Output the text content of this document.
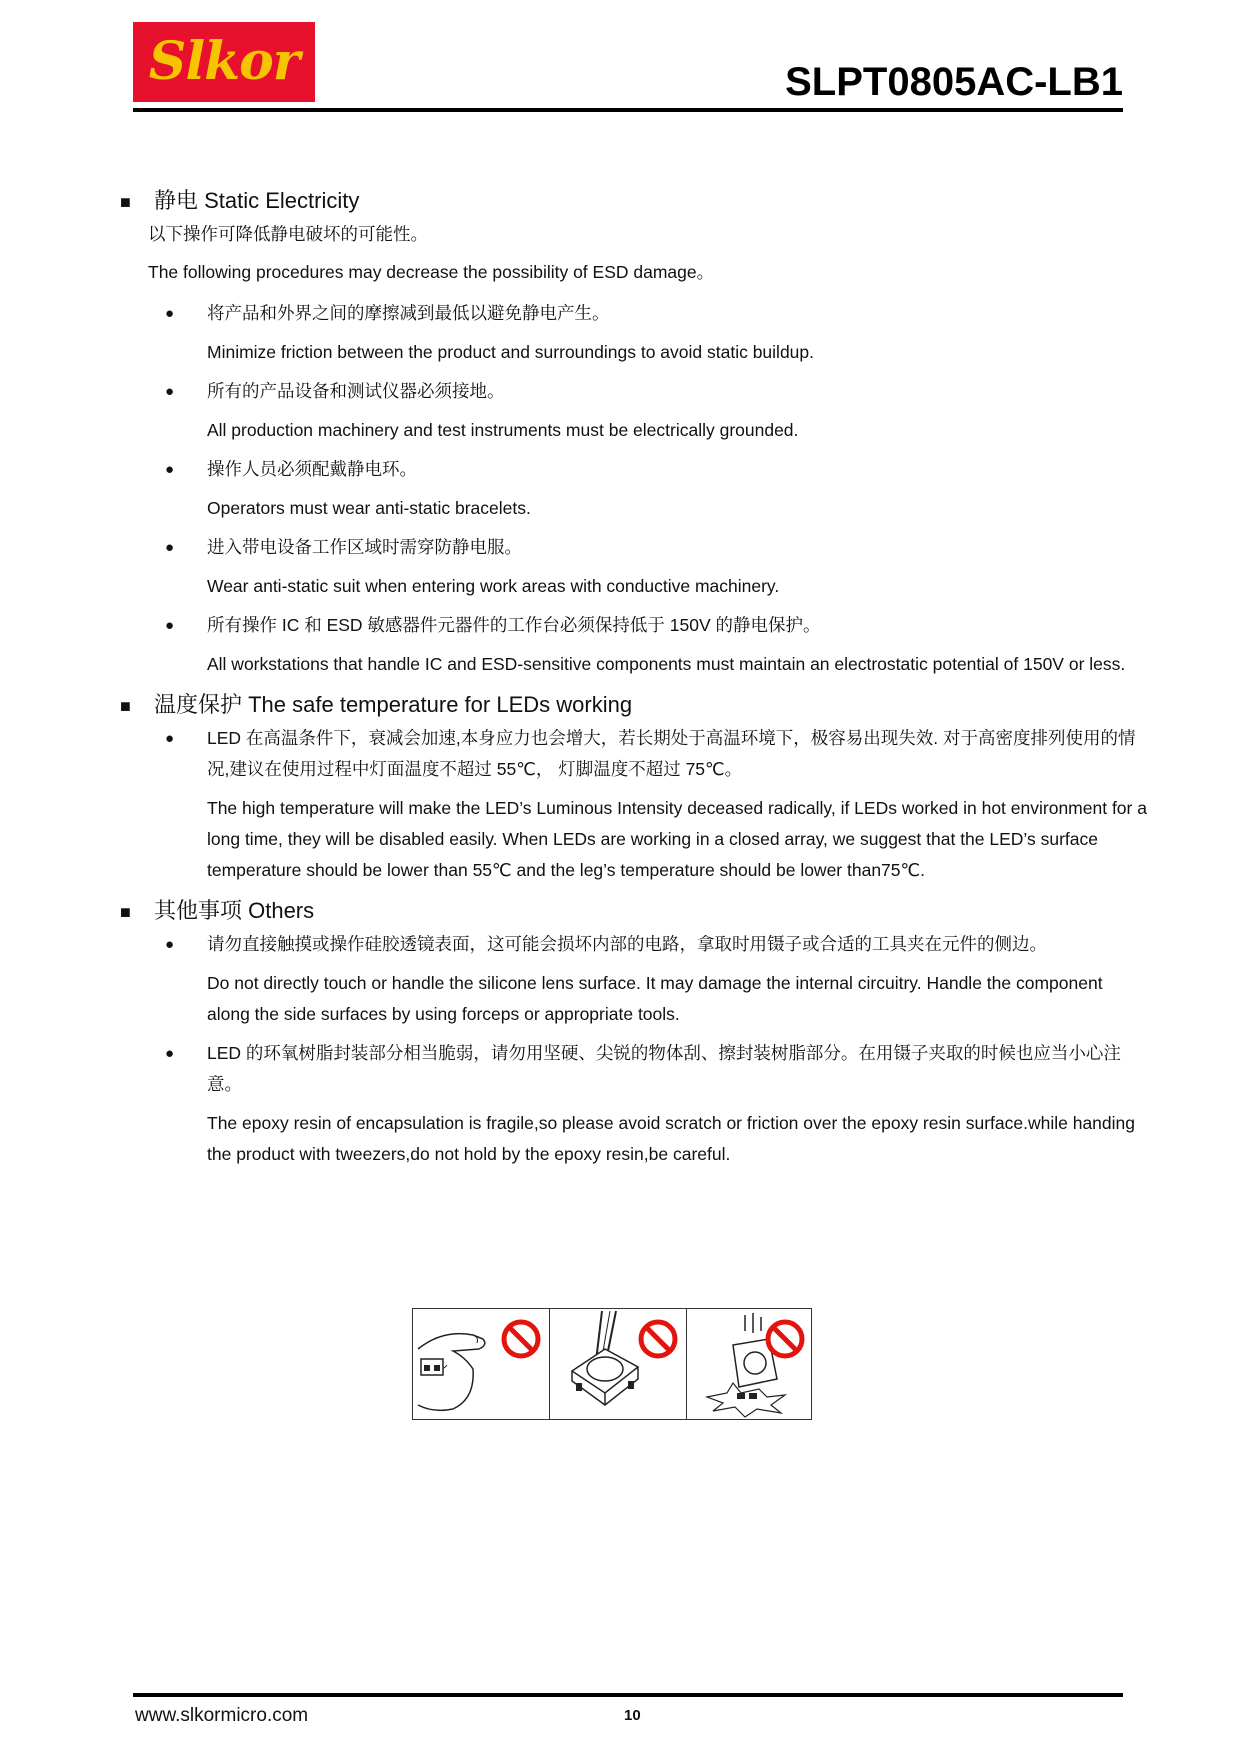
Slkor	SLPT0805AC-LB1
■	静电 Static Electricity
以下操作可降低静电破坏的可能性。
The following procedures may decrease the possibility of ESD damage。
●	将产品和外界之间的摩擦减到最低以避免静电产生。
Minimize friction between the product and surroundings to avoid static buildup.
●	所有的产品设备和测试仪器必须接地。
All production machinery and test instruments must be electrically grounded.
●	操作人员必须配戴静电环。
Operators must wear anti-static bracelets.
●	进入带电设备工作区域时需穿防静电服。
Wear anti-static suit when entering work areas with conductive machinery.
●	所有操作 IC 和 ESD 敏感器件元器件的工作台必须保持低于 150V 的静电保护。
All workstations that handle IC and ESD-sensitive components must maintain an electrostatic potential of 150V or less.
■	温度保护 The safe temperature for LEDs working
●	LED 在高温条件下，衰减会加速,本身应力也会增大，若长期处于高温环境下，极容易出现失效. 对于高密度排列使用的情况,建议在使用过程中灯面温度不超过 55℃， 灯脚温度不超过 75℃。
The high temperature will make the LED’s Luminous Intensity deceased radically, if LEDs worked in hot environment for a long time, they will be disabled easily. When LEDs are working in a closed array, we suggest that the LED’s surface temperature should be lower than 55℃ and the leg’s temperature should be lower than75℃.
■	其他事项 Others
●	请勿直接触摸或操作硅胶透镜表面，这可能会损坏内部的电路，拿取时用镊子或合适的工具夹在元件的侧边。
Do not directly touch or handle the silicone lens surface. It may damage the internal circuitry. Handle the component along the side surfaces by using forceps or appropriate tools.
●	LED 的环氧树脂封装部分相当脆弱，请勿用坚硬、尖锐的物体刮、擦封装树脂部分。在用镊子夹取的时候也应当小心注意。
The epoxy resin of encapsulation is fragile,so please avoid scratch or friction over the epoxy resin surface.while handing the product with tweezers,do not hold by the epoxy resin,be careful.
www.slkormicro.com	10
